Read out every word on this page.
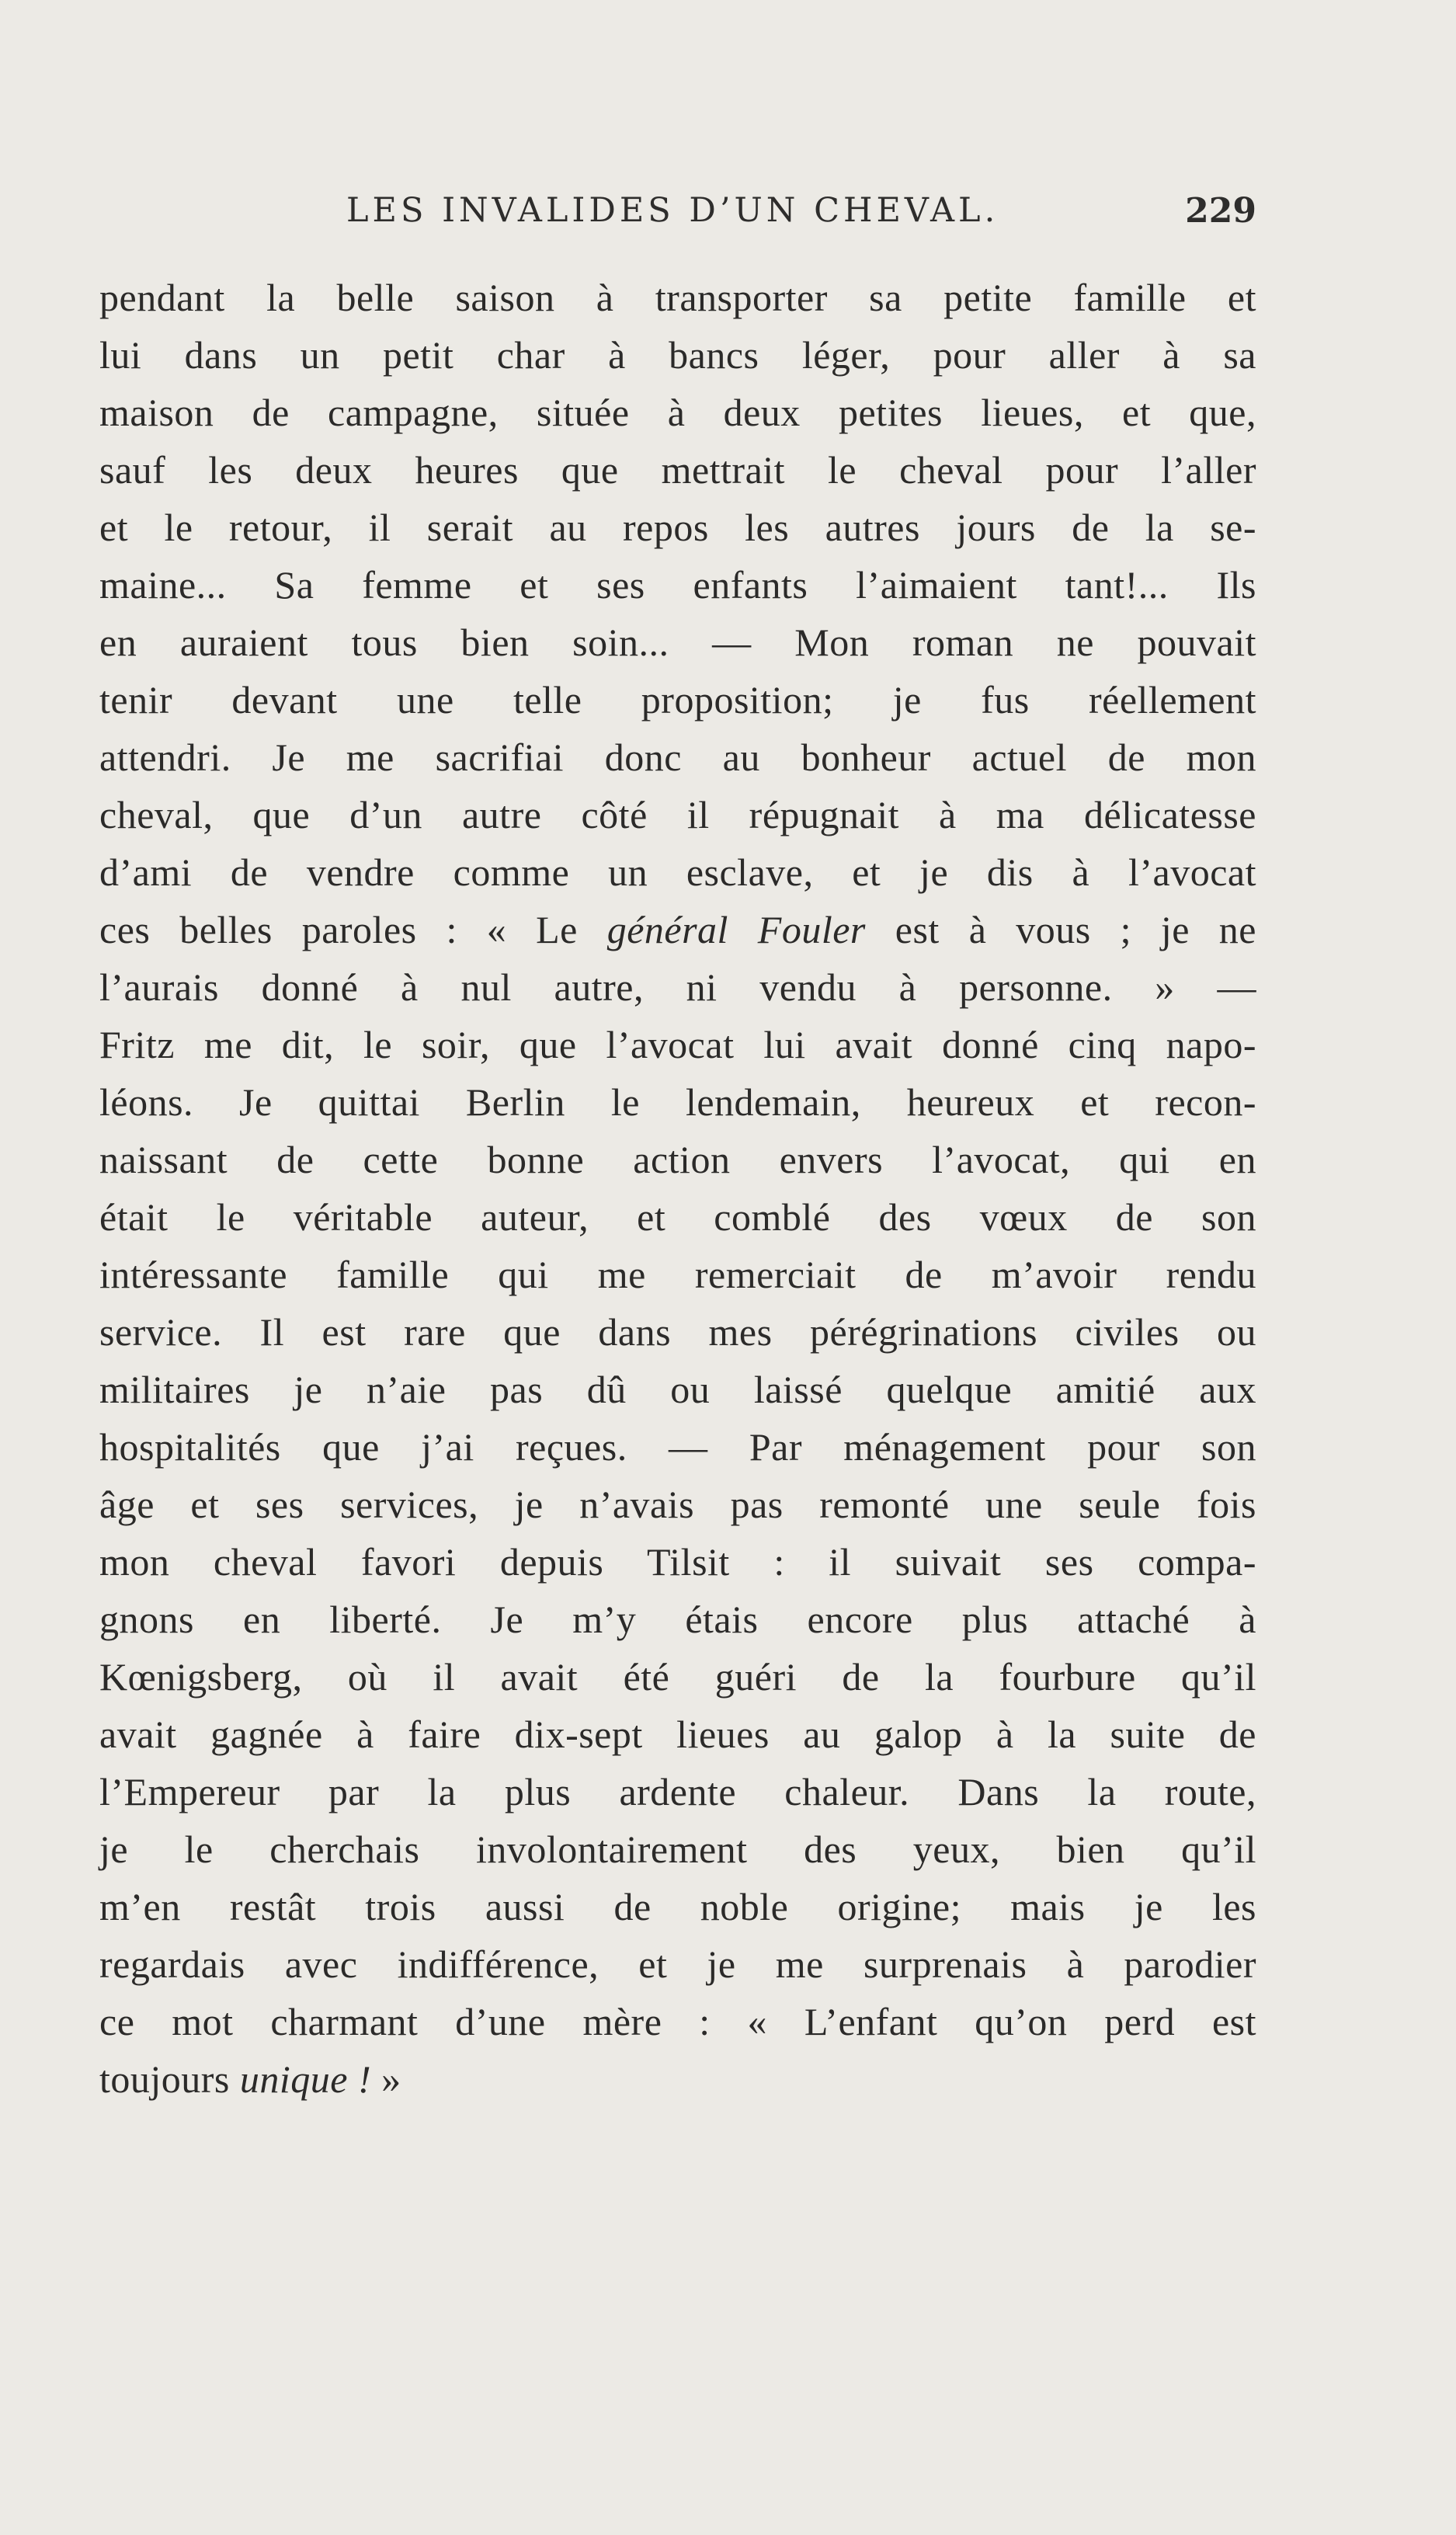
LES INVALIDES D’UN CHEVAL.	229
pendant la belle saison à transporter sa petite famille et
lui dans un petit char à bancs léger, pour aller à sa
maison de campagne, située à deux petites lieues, et que,
sauf les deux heures que mettrait le cheval pour l’aller
et le retour, il serait au repos les autres jours de la se-
maine... Sa femme et ses enfants l’aimaient tant!... Ils
en auraient tous bien soin... — Mon roman ne pouvait
tenir devant une telle proposition; je fus réellement
attendri. Je me sacrifiai donc au bonheur actuel de mon
cheval, que d’un autre côté il répugnait à ma délicatesse
d’ami de vendre comme un esclave, et je dis à l’avocat
ces belles paroles : « Le général Fouler est à vous ; je ne
l’aurais donné à nul autre, ni vendu à personne. » —
Fritz me dit, le soir, que l’avocat lui avait donné cinq napo-
léons. Je quittai Berlin le lendemain, heureux et recon-
naissant de cette bonne action envers l’avocat, qui en
était le véritable auteur, et comblé des vœux de son
intéressante famille qui me remerciait de m’avoir rendu
service. Il est rare que dans mes pérégrinations civiles ou
militaires je n’aie pas dû ou laissé quelque amitié aux
hospitalités que j’ai reçues. — Par ménagement pour son
âge et ses services, je n’avais pas remonté une seule fois
mon cheval favori depuis Tilsit : il suivait ses compa-
gnons en liberté. Je m’y étais encore plus attaché à
Kœnigsberg, où il avait été guéri de la fourbure qu’il
avait gagnée à faire dix-sept lieues au galop à la suite de
l’Empereur par la plus ardente chaleur. Dans la route,
je le cherchais involontairement des yeux, bien qu’il
m’en restât trois aussi de noble origine; mais je les
regardais avec indifférence, et je me surprenais à parodier
ce mot charmant d’une mère : « L’enfant qu’on perd est
toujours unique ! »
